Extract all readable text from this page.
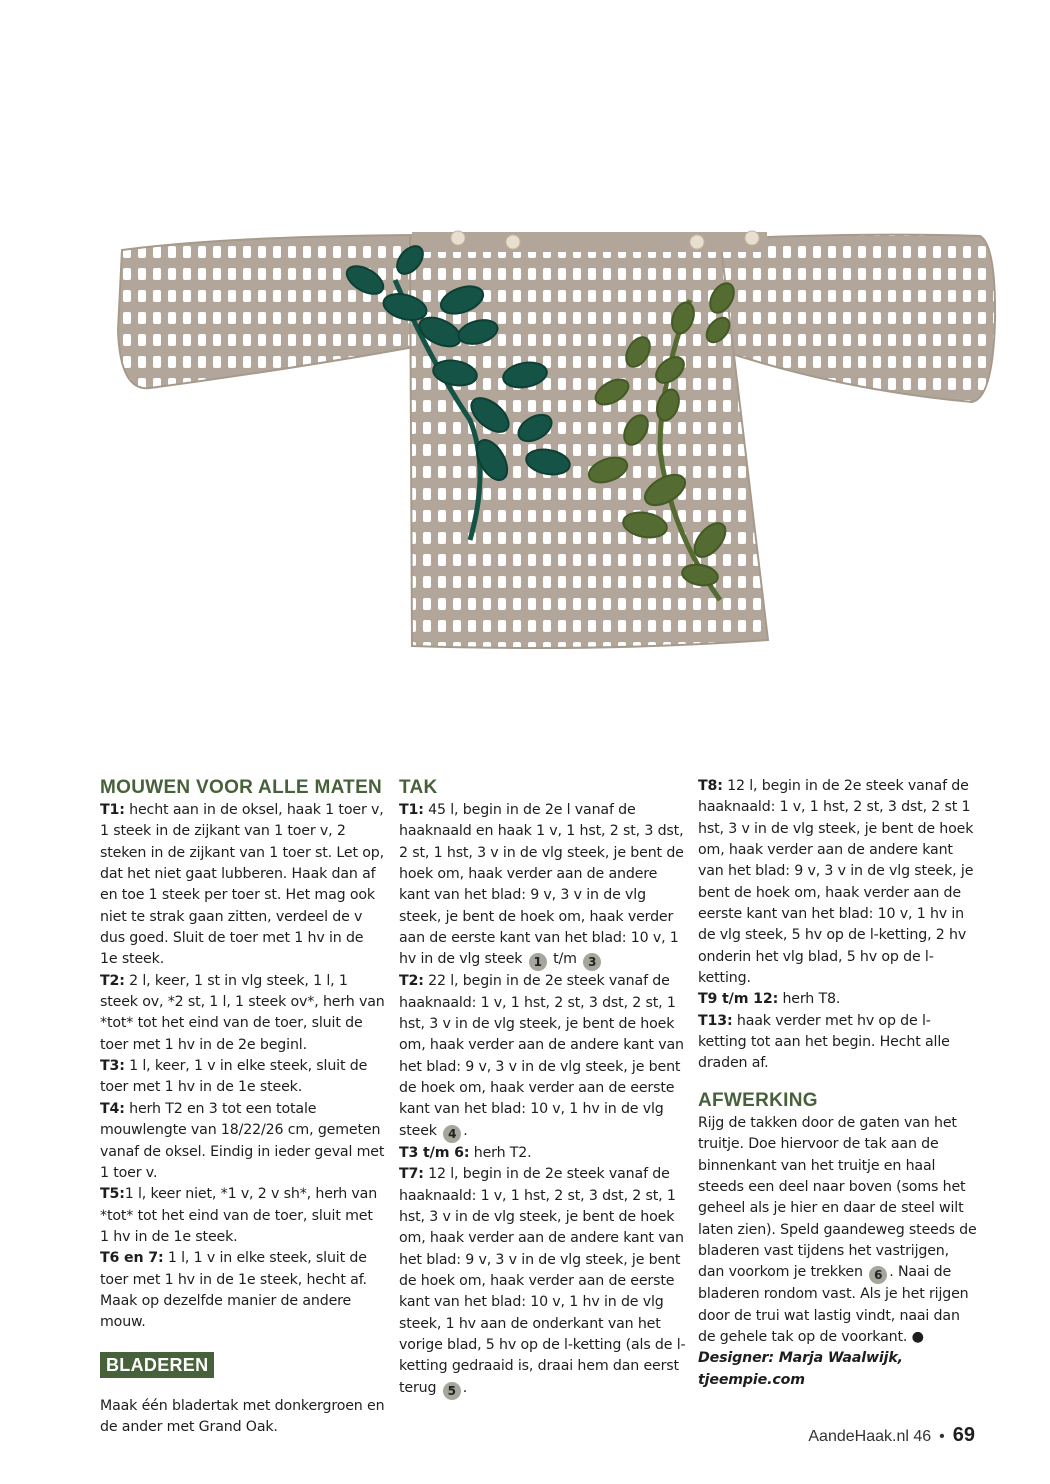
MOUWEN VOOR ALLE MATEN

T1: hecht aan in de oksel, haak 1 toer v, 1 steek in de zijkant van 1 toer v, 2 steken in de zijkant van 1 toer st. Let op, dat het niet gaat lubberen. Haak dan af en toe 1 steek per toer st. Het mag ook niet te strak gaan zitten, verdeel de v dus goed. Sluit de toer met 1 hv in de 1e steek.

T2: 2 l, keer, 1 st in vlg steek, 1 l, 1 steek ov, *2 st, 1 l, 1 steek ov*, herh van *tot* tot het eind van de toer, sluit de toer met 1 hv in de 2e beginl.

T3: 1 l, keer, 1 v in elke steek, sluit de toer met 1 hv in de 1e steek.

T4: herh T2 en 3 tot een totale mouwlengte van 18/22/26 cm, gemeten vanaf de oksel. Eindig in ieder geval met 1 toer v.

T5:1 l, keer niet, *1 v, 2 v sh*, herh van *tot* tot het eind van de toer, sluit met 1 hv in de 1e steek.

T6 en 7: 1 l, 1 v in elke steek, sluit de toer met 1 hv in de 1e steek, hecht af. Maak op dezelfde manier de andere mouw.

BLADEREN

Maak één bladertak met donkergroen en de ander met Grand Oak.

TAK

T1: 45 l, begin in de 2e l vanaf de haaknaald en haak 1 v, 1 hst, 2 st, 3 dst, 2 st, 1 hst, 3 v in de vlg steek, je bent de hoek om, haak verder aan de andere kant van het blad: 9 v, 3 v in de vlg steek, je bent de hoek om, haak verder aan de eerste kant van het blad: 10 v, 1 hv in de vlg steek 1 t/m 3

T2: 22 l, begin in de 2e steek vanaf de haaknaald: 1 v, 1 hst, 2 st, 3 dst, 2 st, 1 hst, 3 v in de vlg steek, je bent de hoek om, haak verder aan de andere kant van het blad: 9 v, 3 v in de vlg steek, je bent de hoek om, haak verder aan de eerste kant van het blad: 10 v, 1 hv in de vlg steek 4 .

T3 t/m 6: herh T2.

T7: 12 l, begin in de 2e steek vanaf de haaknaald: 1 v, 1 hst, 2 st, 3 dst, 2 st, 1 hst, 3 v in de vlg steek, je bent de hoek om, haak verder aan de andere kant van het blad: 9 v, 3 v in de vlg steek, je bent de hoek om, haak verder aan de eerste kant van het blad: 10 v, 1 hv in de vlg steek, 1 hv aan de onderkant van het vorige blad, 5 hv op de l-ketting (als de l-ketting gedraaid is, draai hem dan eerst terug 5 .

T8: 12 l, begin in de 2e steek vanaf de haaknaald: 1 v, 1 hst, 2 st, 3 dst, 2 st 1 hst, 3 v in de vlg steek, je bent de hoek om, haak verder aan de andere kant van het blad: 9 v, 3 v in de vlg steek, je bent de hoek om, haak verder aan de eerste kant van het blad: 10 v, 1 hv in de vlg steek, 5 hv op de l-ketting, 2 hv onderin het vlg blad, 5 hv op de l-ketting.

T9 t/m 12: herh T8.

T13: haak verder met hv op de l-ketting tot aan het begin. Hecht alle draden af.

AFWERKING

Rijg de takken door de gaten van het truitje. Doe hiervoor de tak aan de binnenkant van het truitje en haal steeds een deel naar boven (soms het geheel als je hier en daar de steel wilt laten zien). Speld gaandeweg steeds de bladeren vast tijdens het vastrijgen, dan voorkom je trekken 6 . Naai de bladeren rondom vast. Als je het rijgen door de trui wat lastig vindt, naai dan de gehele tak op de voorkant. ●

Designer: Marja Waalwijk, tjeempie.com

AandeHaak.nl 46 • 69
